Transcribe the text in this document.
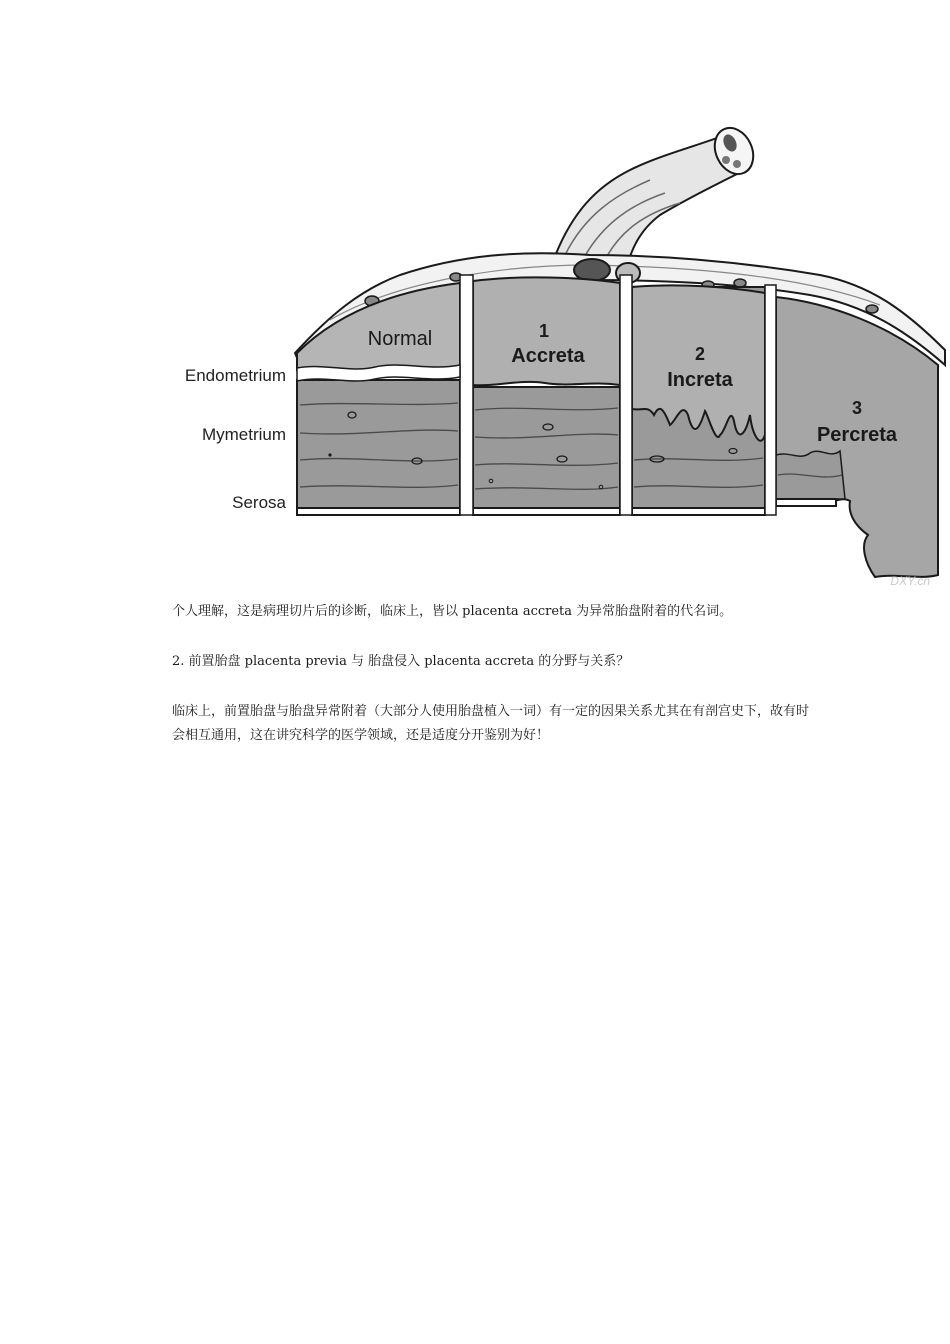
Endometrium
Mymetrium
Serosa
Normal	1
Accreta	2
Increta
3
Percreta
DXY.cn

个人理解，这是病理切片后的诊断，临床上，皆以 placenta accreta 为异常胎盘附着的代名词。

2. 前置胎盘 placenta previa 与 胎盘侵入 placenta accreta 的分野与关系？

临床上，前置胎盘与胎盘异常附着（大部分人使用胎盘植入一词）有一定的因果关系尤其在有剖宫史下，故有时会相互通用，这在讲究科学的医学领域，还是适度分开鉴别为好！
